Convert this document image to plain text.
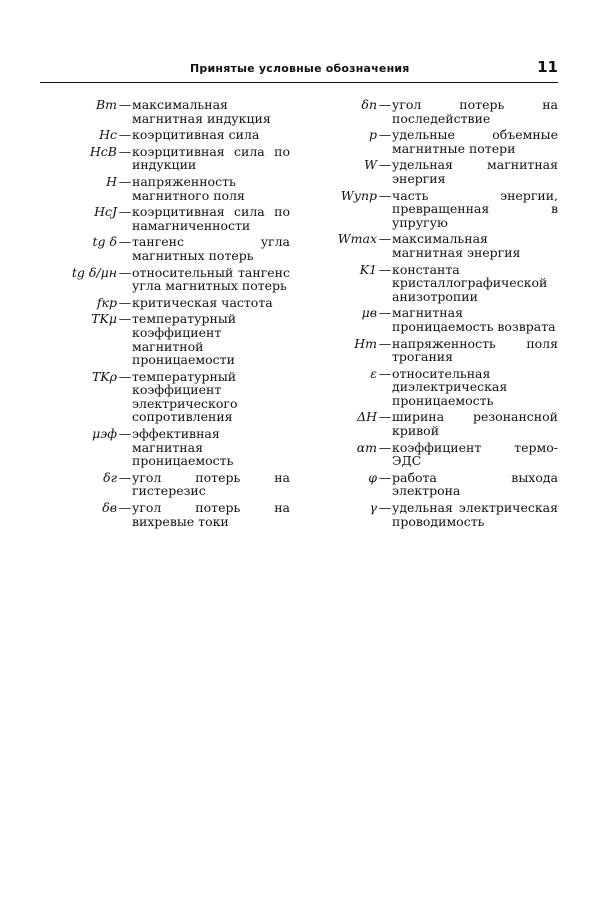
Принятые условные обозначения	11
Bm — максимальная магнитная индукция
Hc — коэрцитивная сила
HcB — коэрцитивная сила по индукции
H — напряженность магнитного поля
HcJ — коэрцитивная сила по намагниченности
tg δ — тангенс угла магнитных потерь
tg δ/μн — относительный тангенс угла магнитных потерь
fкр — критическая частота
TKμ — температурный коэффициент магнитной проницаемости
TKρ — температурный коэффициент электрического сопротивления
μэф — эффективная магнитная проницаемость
δг — угол потерь на гистерезис
δв — угол потерь на вихревые токи
δп — угол потерь на последействие
p — удельные объемные магнитные потери
W — удельная магнитная энергия
Wупр — часть энергии, превращенная в упругую
Wmax — максимальная магнитная энергия
K1 — константа кристаллографической анизотропии
μв — магнитная проницаемость возврата
Hт — напряженность поля трогания
ε — относительная диэлектрическая проницаемость
ΔH — ширина резонансной кривой
αт — коэффициент термо-ЭДС
φ — работа выхода электрона
γ — удельная электрическая проводимость
